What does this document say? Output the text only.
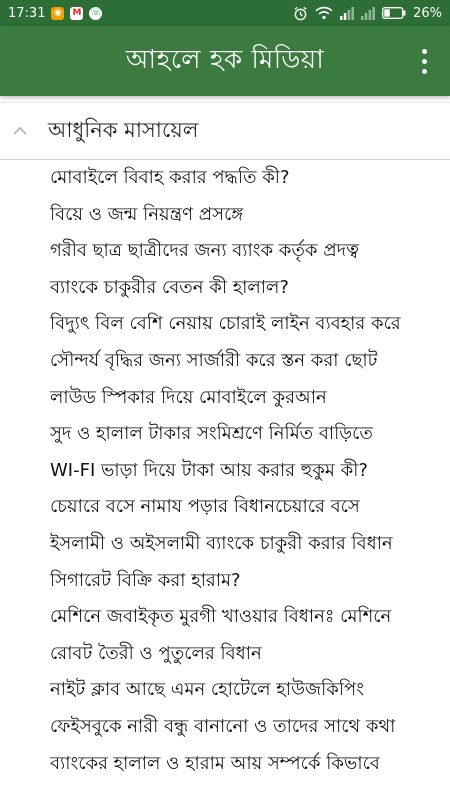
17:31 ◉ M ☏	26%
আহলে হক মিডিয়া
আধুনিক মাসায়েল
মোবাইলে বিবাহ করার পদ্ধতি কী?
বিয়ে ও জন্ম নিয়ন্ত্রণ প্রসঙ্গে
গরীব ছাত্র ছাত্রীদের জন্য ব্যাংক কর্তৃক প্রদত্ব
ব্যাংকে চাকুরীর বেতন কী হালাল?
বিদ্যুৎ বিল বেশি নেয়ায় চোরাই লাইন ব্যবহার করে
সৌন্দর্য বৃদ্ধির জন্য সার্জারী করে স্তন করা ছোট
লাউড স্পিকার দিয়ে মোবাইলে কুরআন
সুদ ও হালাল টাকার সংমিশ্রণে নির্মিত বাড়িতে
WI-FI ভাড়া দিয়ে টাকা আয় করার হুকুম কী?
চেয়ারে বসে নামায পড়ার বিধানচেয়ারে বসে
ইসলামী ও অইসলামী ব্যাংকে চাকুরী করার বিধান
সিগারেট বিক্রি করা হারাম?
মেশিনে জবাইকৃত মুরগী খাওয়ার বিধানঃ মেশিনে
রোবট তৈরী ও পুতুলের বিধান
নাইট ক্লাব আছে এমন হোটেলে হাউজকিপিং
ফেইসবুকে নারী বন্ধু বানানো ও তাদের সাথে কথা
ব্যাংকের হালাল ও হারাম আয় সম্পর্কে কিভাবে
